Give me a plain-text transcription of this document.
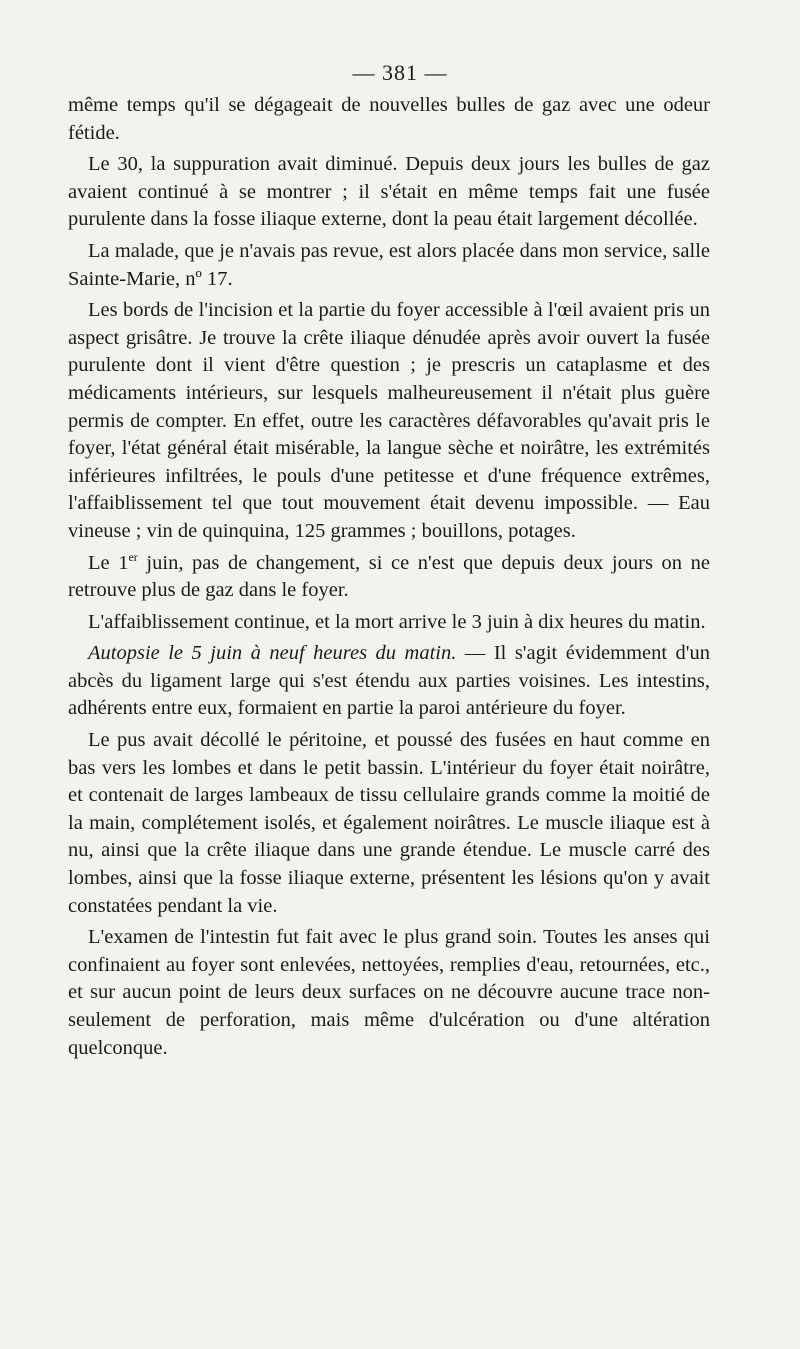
— 381 —

même temps qu'il se dégageait de nouvelles bulles de gaz avec une odeur fétide.

Le 30, la suppuration avait diminué. Depuis deux jours les bulles de gaz avaient continué à se montrer ; il s'était en même temps fait une fusée purulente dans la fosse iliaque externe, dont la peau était largement décollée.

La malade, que je n'avais pas revue, est alors placée dans mon service, salle Sainte-Marie, nº 17.

Les bords de l'incision et la partie du foyer accessible à l'œil avaient pris un aspect grisâtre. Je trouve la crête iliaque dénudée après avoir ouvert la fusée purulente dont il vient d'être question ; je prescris un cataplasme et des médicaments intérieurs, sur lesquels malheureusement il n'était plus guère permis de compter. En effet, outre les caractères défavorables qu'avait pris le foyer, l'état général était misérable, la langue sèche et noirâtre, les extrémités inférieures infiltrées, le pouls d'une petitesse et d'une fréquence extrêmes, l'affaiblissement tel que tout mouvement était devenu impossible. — Eau vineuse ; vin de quinquina, 125 grammes ; bouillons, potages.

Le 1er juin, pas de changement, si ce n'est que depuis deux jours on ne retrouve plus de gaz dans le foyer.

L'affaiblissement continue, et la mort arrive le 3 juin à dix heures du matin.

Autopsie le 5 juin à neuf heures du matin. — Il s'agit évidemment d'un abcès du ligament large qui s'est étendu aux parties voisines. Les intestins, adhérents entre eux, formaient en partie la paroi antérieure du foyer.

Le pus avait décollé le péritoine, et poussé des fusées en haut comme en bas vers les lombes et dans le petit bassin. L'intérieur du foyer était noirâtre, et contenait de larges lambeaux de tissu cellulaire grands comme la moitié de la main, complétement isolés, et également noirâtres. Le muscle iliaque est à nu, ainsi que la crête iliaque dans une grande étendue. Le muscle carré des lombes, ainsi que la fosse iliaque externe, présentent les lésions qu'on y avait constatées pendant la vie.

L'examen de l'intestin fut fait avec le plus grand soin. Toutes les anses qui confinaient au foyer sont enlevées, nettoyées, remplies d'eau, retournées, etc., et sur aucun point de leurs deux surfaces on ne découvre aucune trace non-seulement de perforation, mais même d'ulcération ou d'une altération quelconque.
